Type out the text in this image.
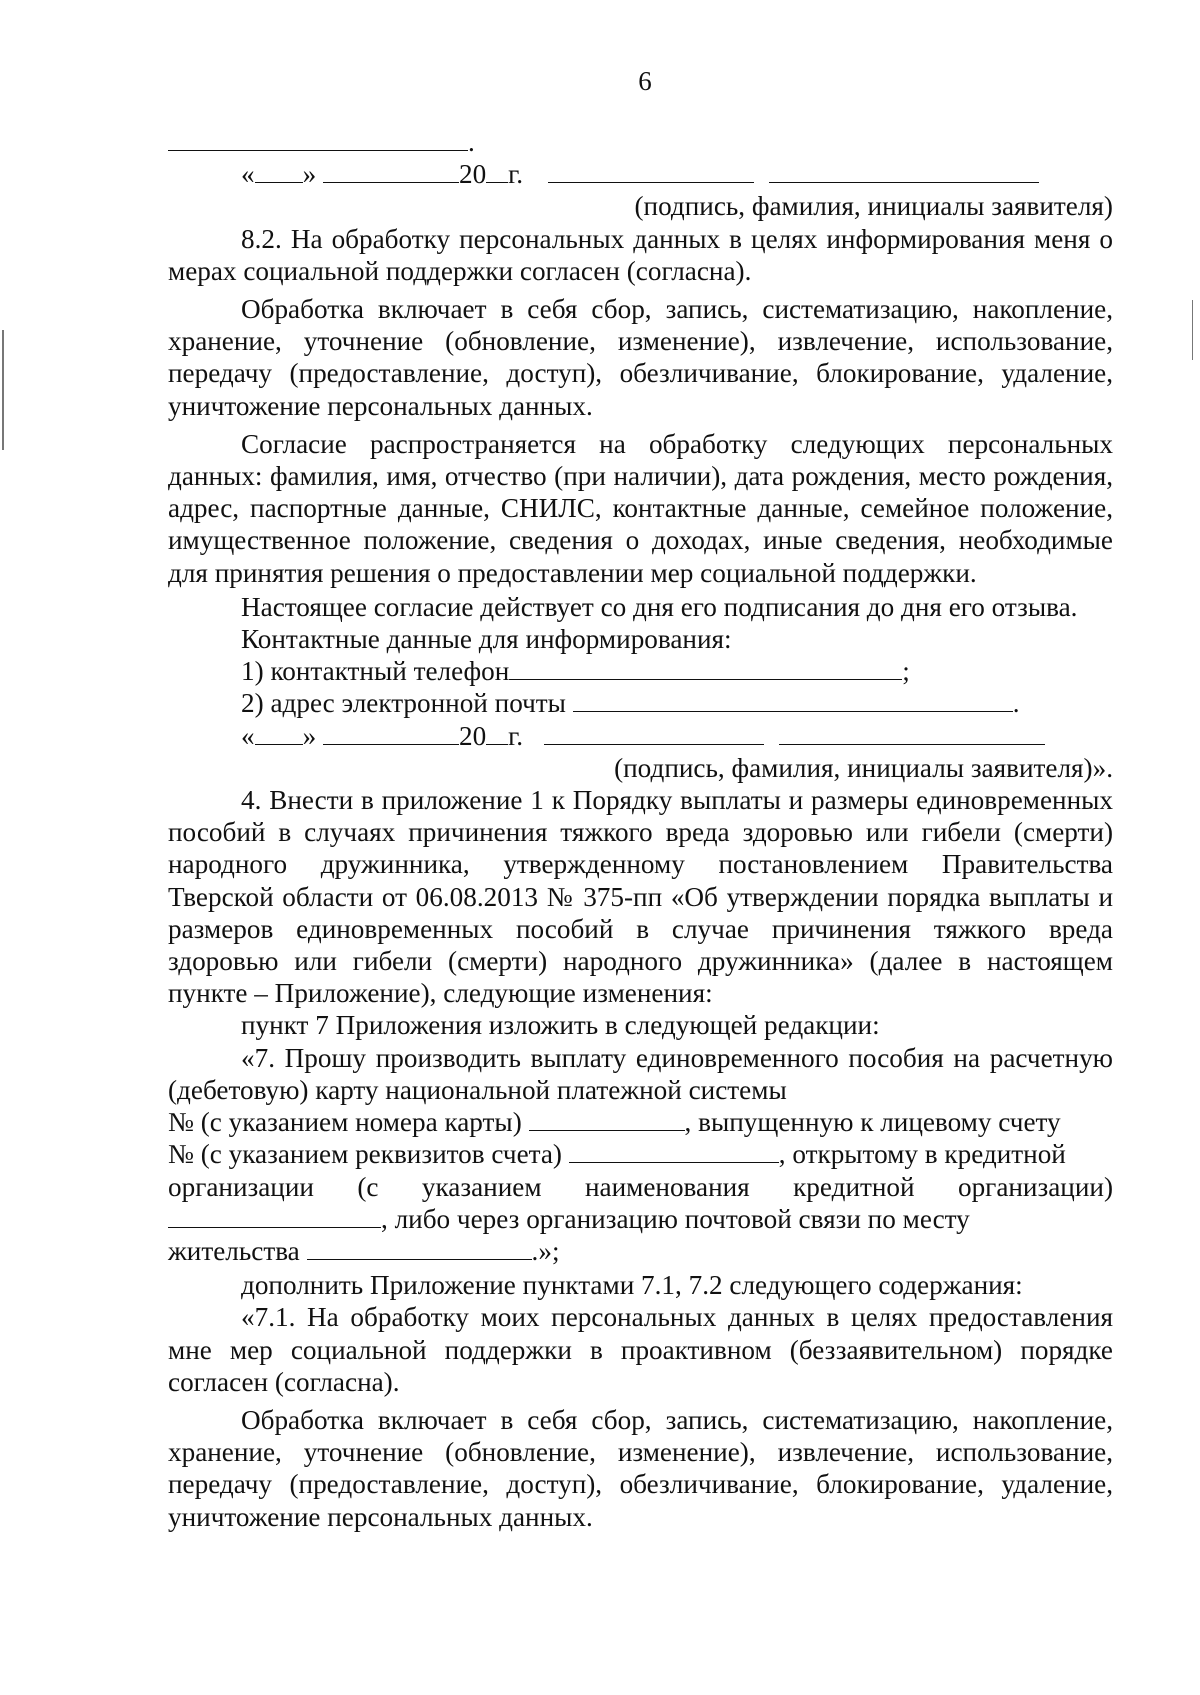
6
.
« »	20 г.
(подпись, фамилия, инициалы заявителя)

8.2. На обработку персональных данных в целях информирования меня о мерах социальной поддержки согласен (согласна).

Обработка включает в себя сбор, запись, систематизацию, накопление, хранение, уточнение (обновление, изменение), извлечение, использование, передачу (предоставление, доступ), обезличивание, блокирование, удаление, уничтожение персональных данных.

Согласие распространяется на обработку следующих персональных данных: фамилия, имя, отчество (при наличии), дата рождения, место рождения, адрес, паспортные данные, СНИЛС, контактные данные, семейное положение, имущественное положение, сведения о доходах, иные сведения, необходимые для принятия решения о предоставлении мер социальной поддержки.

Настоящее согласие действует со дня его подписания до дня его отзыва.

Контактные данные для информирования:

1) контактный телефон	;
2) адрес электронной почты	.
« »	20 г.
(подпись, фамилия, инициалы заявителя)».

4. Внести в приложение 1 к Порядку выплаты и размеры единовременных пособий в случаях причинения тяжкого вреда здоровью или гибели (смерти) народного дружинника, утвержденному постановлением Правительства Тверской области от 06.08.2013 № 375-пп «Об утверждении порядка выплаты и размеров единовременных пособий в случае причинения тяжкого вреда здоровью или гибели (смерти) народного дружинника» (далее в настоящем пункте – Приложение), следующие изменения:

пункт 7 Приложения изложить в следующей редакции:

«7. Прошу производить выплату единовременного пособия на расчетную (дебетовую) карту национальной платежной системы

№ (с указанием номера карты)	, выпущенную к лицевому счету
№ (с указанием реквизитов счета)	, открытому в кредитной

организации (с указанием наименования кредитной организации)

, либо через организацию почтовой связи по месту
жительства	.»;

дополнить Приложение пунктами 7.1, 7.2 следующего содержания:

«7.1. На обработку моих персональных данных в целях предоставления мне мер социальной поддержки в проактивном (беззаявительном) порядке согласен (согласна).

Обработка включает в себя сбор, запись, систематизацию, накопление, хранение, уточнение (обновление, изменение), извлечение, использование, передачу (предоставление, доступ), обезличивание, блокирование, удаление, уничтожение персональных данных.
